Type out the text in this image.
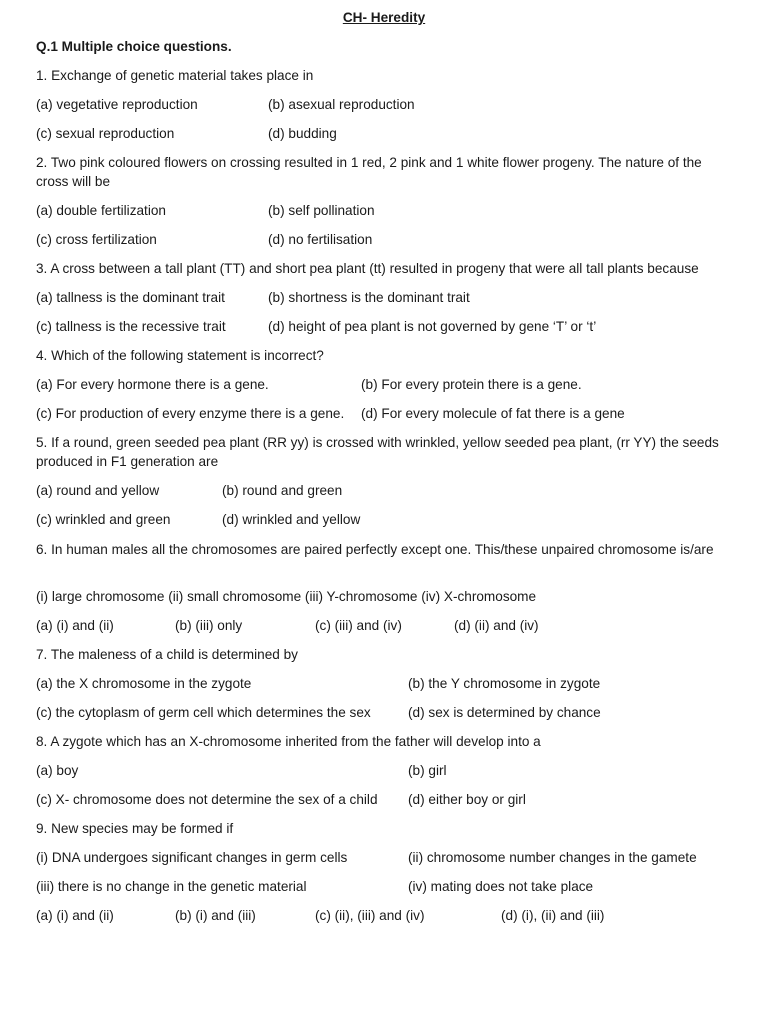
CH- Heredity
Q.1 Multiple choice questions.
1. Exchange of genetic material takes place in
(a) vegetative reproduction	(b) asexual reproduction
(c) sexual reproduction	(d) budding
2. Two pink coloured flowers on crossing resulted in 1 red, 2 pink and 1 white flower progeny. The nature of the cross will be
(a) double fertilization	(b) self pollination
(c) cross fertilization	(d) no fertilisation
3. A cross between a tall plant (TT) and short pea plant (tt) resulted in progeny that were all tall plants because
(a) tallness is the dominant trait	(b) shortness is the dominant trait
(c) tallness is the recessive trait	(d) height of pea plant is not governed by gene ‘T’ or ‘t’
4. Which of the following statement is incorrect?
(a) For every hormone there is a gene.	(b) For every protein there is a gene.
(c) For production of every enzyme there is a gene. (d) For every molecule of fat there is a gene
5. If a round, green seeded pea plant (RR yy) is crossed with wrinkled, yellow seeded pea plant, (rr YY) the seeds produced in F1 generation are
(a) round and yellow	(b) round and green
(c) wrinkled and green	(d) wrinkled and yellow
6. In human males all the chromosomes are paired perfectly except one. This/these unpaired chromosome is/are
(i) large chromosome (ii) small chromosome (iii) Y-chromosome (iv) X-chromosome
(a) (i) and (ii)	(b) (iii) only	(c) (iii) and (iv)	(d) (ii) and (iv)
7. The maleness of a child is determined by
(a) the X chromosome in the zygote	(b) the Y chromosome in zygote
(c) the cytoplasm of germ cell which determines the sex	(d) sex is determined by chance
8. A zygote which has an X-chromosome inherited from the father will develop into a
(a) boy	(b) girl
(c) X- chromosome does not determine the sex of a child (d) either boy or girl
9. New species may be formed if
(i) DNA undergoes significant changes in germ cells	(ii) chromosome number changes in the gamete
(iii) there is no change in the genetic material	(iv) mating does not take place
(a) (i) and (ii)	(b) (i) and (iii)	(c) (ii), (iii) and (iv)	(d) (i), (ii) and (iii)
